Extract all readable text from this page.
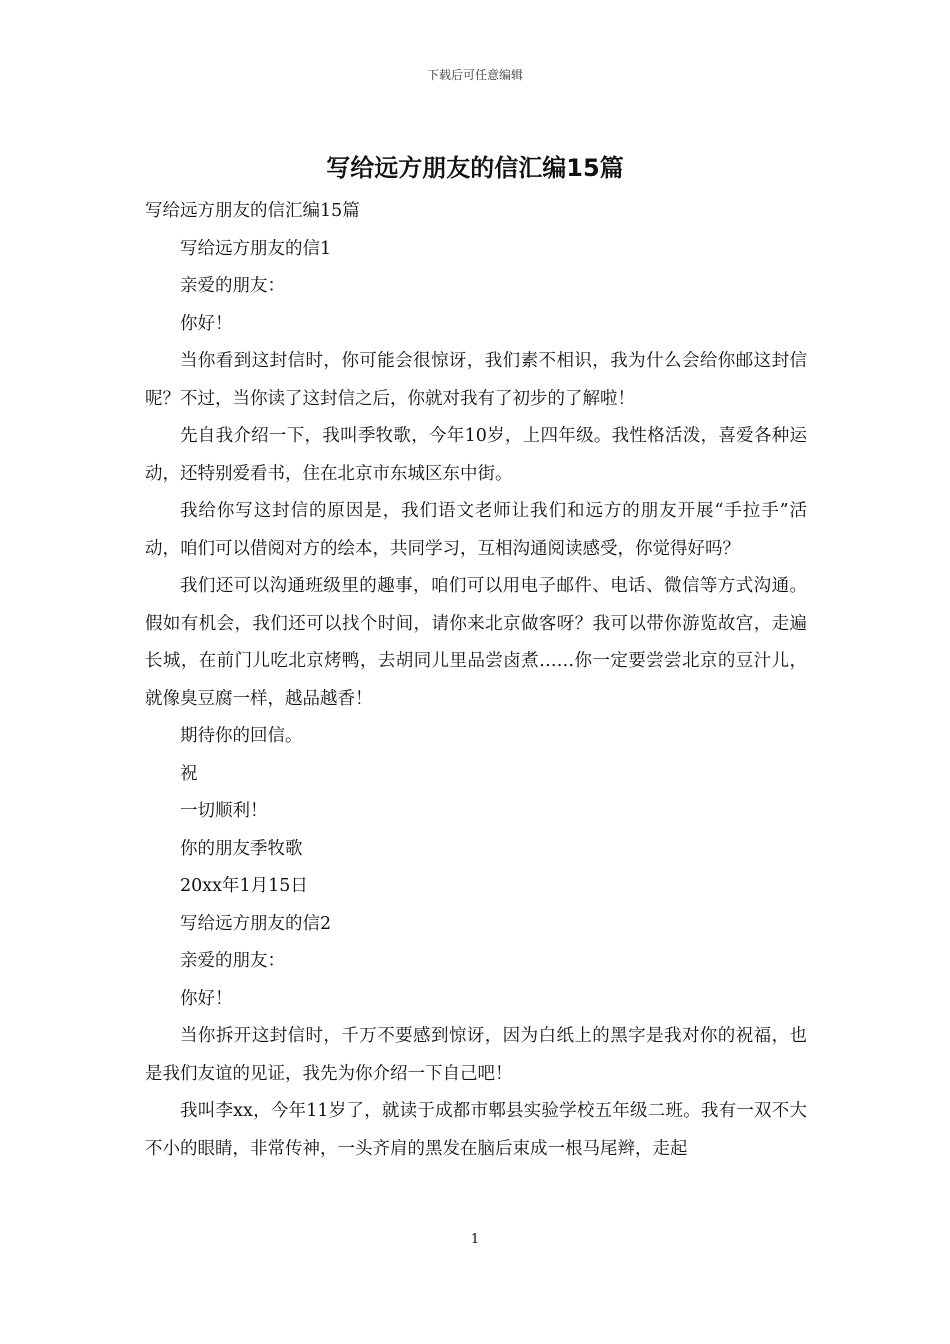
下载后可任意编辑
写给远方朋友的信汇编15篇

写给远方朋友的信汇编15篇

写给远方朋友的信1

亲爱的朋友：

你好！

当你看到这封信时，你可能会很惊讶，我们素不相识，我为什么会给你邮这封信呢？不过，当你读了这封信之后，你就对我有了初步的了解啦！

先自我介绍一下，我叫季牧歌，今年10岁，上四年级。我性格活泼，喜爱各种运动，还特别爱看书，住在北京市东城区东中街。

我给你写这封信的原因是，我们语文老师让我们和远方的朋友开展“手拉手”活动，咱们可以借阅对方的绘本，共同学习，互相沟通阅读感受，你觉得好吗？

我们还可以沟通班级里的趣事，咱们可以用电子邮件、电话、微信等方式沟通。假如有机会，我们还可以找个时间，请你来北京做客呀？我可以带你游览故宫，走遍长城，在前门儿吃北京烤鸭，去胡同儿里品尝卤煮……你一定要尝尝北京的豆汁儿，就像臭豆腐一样，越品越香！

期待你的回信。

祝

一切顺利！

你的朋友季牧歌

20xx年1月15日

写给远方朋友的信2

亲爱的朋友：

你好！

当你拆开这封信时，千万不要感到惊讶，因为白纸上的黑字是我对你的祝福，也是我们友谊的见证，我先为你介绍一下自己吧！

我叫李xx，今年11岁了，就读于成都市郫县实验学校五年级二班。我有一双不大不小的眼睛，非常传神，一头齐肩的黑发在脑后束成一根马尾辫，走起

1
